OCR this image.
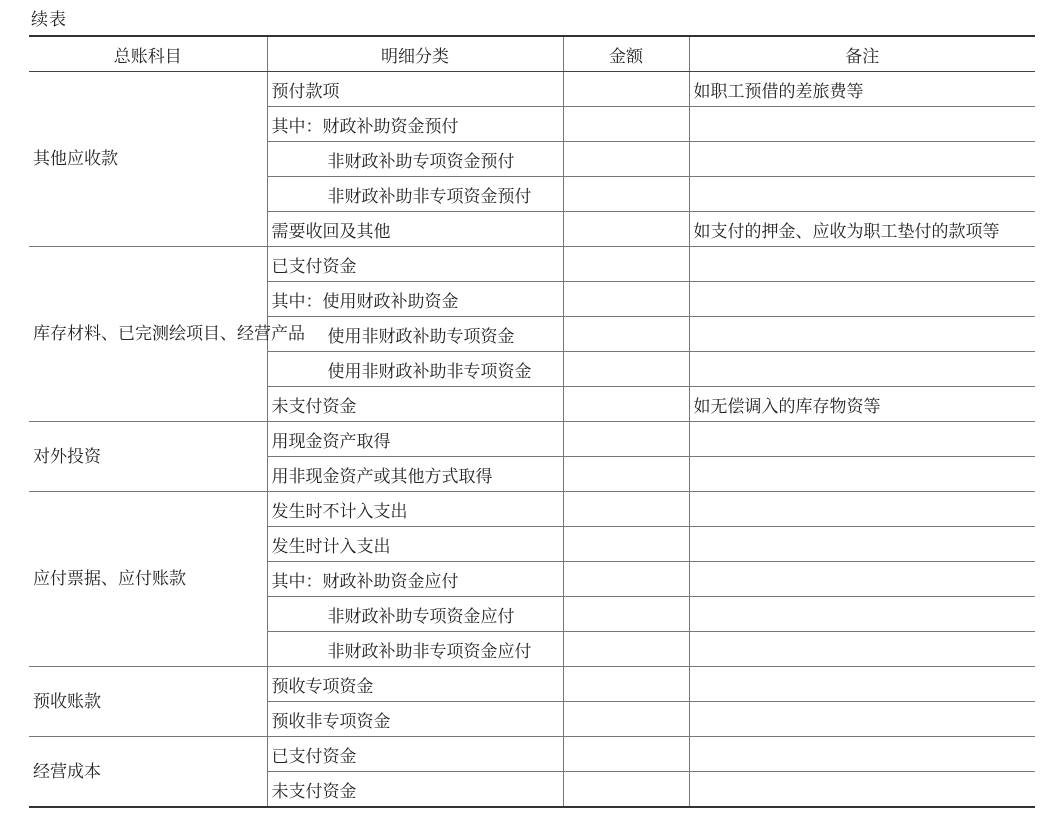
续表
总账科目	明细分类	金额	备注
其他应收款	预付款项		如职工预借的差旅费等
	其中：财政补助资金预付		
	非财政补助专项资金预付		
	非财政补助非专项资金预付		
	需要收回及其他		如支付的押金、应收为职工垫付的款项等
库存材料、已完测绘项目、经营产品	已支付资金		
	其中：使用财政补助资金		
	使用非财政补助专项资金		
	使用非财政补助非专项资金		
	未支付资金		如无偿调入的库存物资等
对外投资	用现金资产取得		
	用非现金资产或其他方式取得		
应付票据、应付账款	发生时不计入支出		
	发生时计入支出		
	其中：财政补助资金应付		
	非财政补助专项资金应付		
	非财政补助非专项资金应付		
预收账款	预收专项资金		
	预收非专项资金		
经营成本	已支付资金		
	未支付资金		
